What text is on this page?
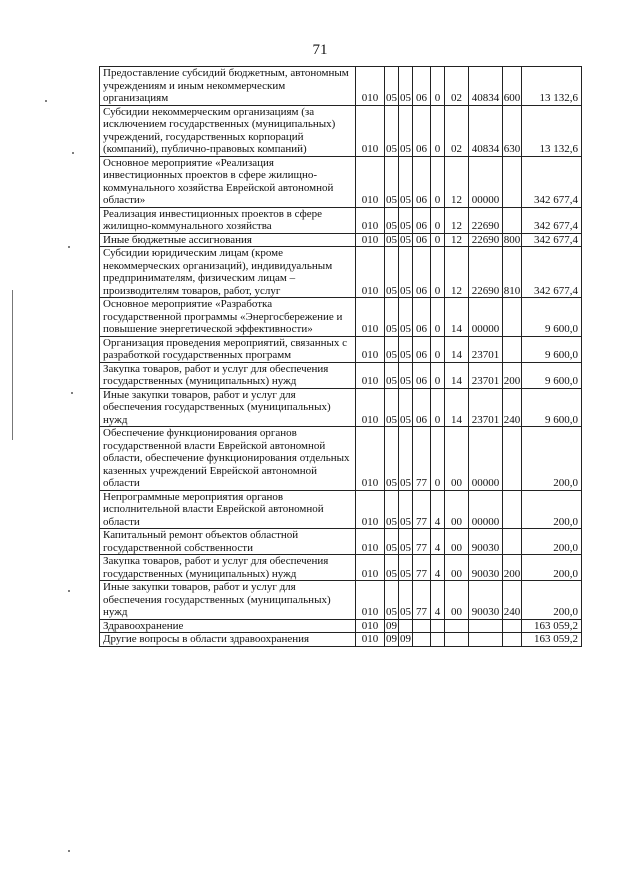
71
Предоставление субсидий бюджетным, автономным учреждениям и иным некоммерческим организациям	010	05	05	06	0	02	40834	600	13 132,6
Субсидии некоммерческим организациям (за исключением государственных (муниципальных) учреждений, государственных корпораций (компаний), публично-правовых компаний)	010	05	05	06	0	02	40834	630	13 132,6
Основное мероприятие «Реализация инвестиционных проектов в сфере жилищно-коммунального хозяйства Еврейской автономной области»	010	05	05	06	0	12	00000		342 677,4
Реализация инвестиционных проектов в сфере жилищно-коммунального хозяйства	010	05	05	06	0	12	22690		342 677,4
Иные бюджетные ассигнования	010	05	05	06	0	12	22690	800	342 677,4
Субсидии юридическим лицам (кроме некоммерческих организаций), индивидуальным предпринимателям, физическим лицам – производителям товаров, работ, услуг	010	05	05	06	0	12	22690	810	342 677,4
Основное мероприятие «Разработка государственной программы «Энергосбережение и повышение энергетической эффективности»	010	05	05	06	0	14	00000		9 600,0
Организация проведения мероприятий, связанных с разработкой государственных программ	010	05	05	06	0	14	23701		9 600,0
Закупка товаров, работ и услуг для обеспечения государственных (муниципальных) нужд	010	05	05	06	0	14	23701	200	9 600,0
Иные закупки товаров, работ и услуг для обеспечения государственных (муниципальных) нужд	010	05	05	06	0	14	23701	240	9 600,0
Обеспечение функционирования органов государственной власти Еврейской автономной области, обеспечение функционирования отдельных казенных учреждений Еврейской автономной области	010	05	05	77	0	00	00000		200,0
Непрограммные мероприятия органов исполнительной власти Еврейской автономной области	010	05	05	77	4	00	00000		200,0
Капитальный ремонт объектов областной государственной собственности	010	05	05	77	4	00	90030		200,0
Закупка товаров, работ и услуг для обеспечения государственных (муниципальных) нужд	010	05	05	77	4	00	90030	200	200,0
Иные закупки товаров, работ и услуг для обеспечения государственных (муниципальных) нужд	010	05	05	77	4	00	90030	240	200,0
Здравоохранение	010	09							163 059,2
Другие вопросы в области здравоохранения	010	09	09						163 059,2
